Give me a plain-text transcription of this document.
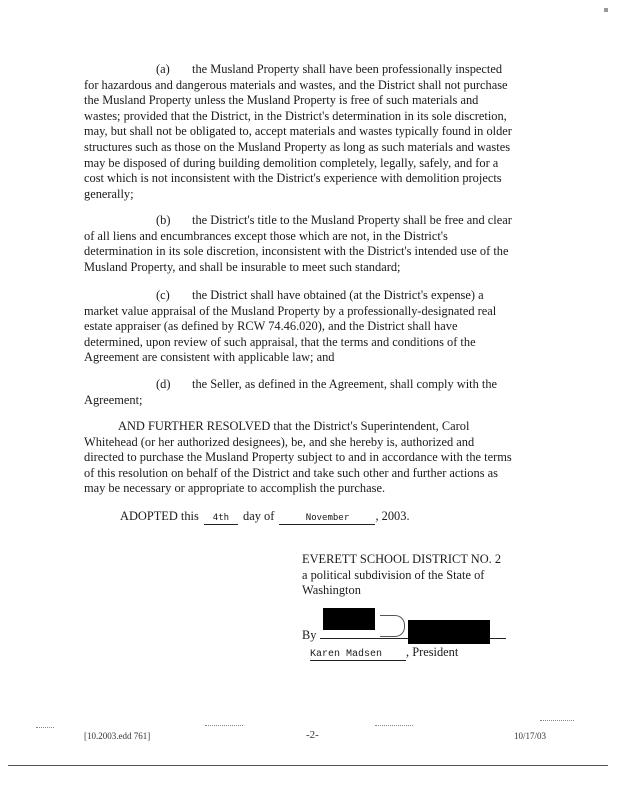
(a) the Musland Property shall have been professionally inspected
for hazardous and dangerous materials and wastes, and the District shall not purchase
the Musland Property unless the Musland Property is free of such materials and
wastes; provided that the District, in the District's determination in its sole discretion,
may, but shall not be obligated to, accept materials and wastes typically found in older
structures such as those on the Musland Property as long as such materials and wastes
may be disposed of during building demolition completely, legally, safely, and for a
cost which is not inconsistent with the District's experience with demolition projects
generally;
(b) the District's title to the Musland Property shall be free and clear
of all liens and encumbrances except those which are not, in the District's
determination in its sole discretion, inconsistent with the District's intended use of the
Musland Property, and shall be insurable to meet such standard;
(c) the District shall have obtained (at the District's expense) a
market value appraisal of the Musland Property by a professionally-designated real
estate appraiser (as defined by RCW 74.46.020), and the District shall have
determined, upon review of such appraisal, that the terms and conditions of the
Agreement are consistent with applicable law; and
(d) the Seller, as defined in the Agreement, shall comply with the
Agreement;
AND FURTHER RESOLVED that the District's Superintendent, Carol
Whitehead (or her authorized designees), be, and she hereby is, authorized and
directed to purchase the Musland Property subject to and in accordance with the terms
of this resolution on behalf of the District and take such other and further actions as
may be necessary or appropriate to accomplish the purchase.
ADOPTED this 4th day of	November , 2003.
EVERETT SCHOOL DISTRICT NO. 2
a political subdivision of the State of
Washington
By
Karen Madsen , President
[10.2003.edd 761]	-2-	10/17/03
